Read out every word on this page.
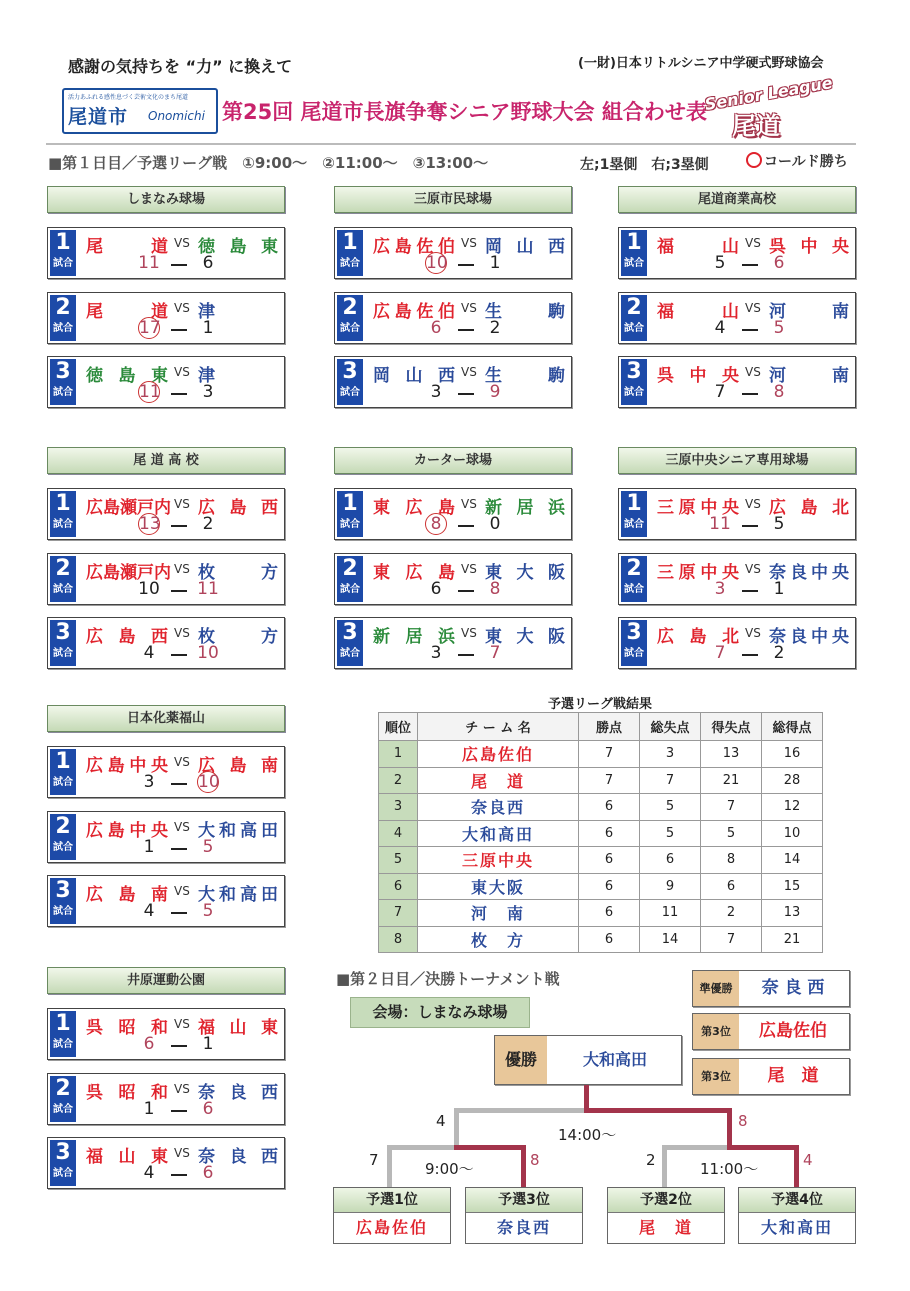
感謝の気持ちを “力” に換えて	(一財)日本リトルシニア中学硬式野球協会
活力あふれる感性息づく芸術文化のまち尾道
尾道市 Onomichi 第25回 尾道市長旗争奪シニア野球大会 組合わせ表
Senior League
尾道
■第１日目／予選リーグ戦　①9:00～　②11:00～　③13:00～	左;1塁側　右;3塁側	コールド勝ち
しまなみ球場
1
試合
尾　道 VS 徳島東
11	6
2
試合
尾　道 VS 津
17	1
3
試合
徳島東 VS 津
11	3
三原市民球場
1
試合
広島佐伯 VS 岡山西
10	1
2
試合
広島佐伯 VS 生　駒
6	2
3
試合
岡山西 VS 生　駒
3	9
尾道商業高校
1
試合
福　山 VS 呉中央
5	6
2
試合
福　山 VS 河　南
4	5
3
試合
呉中央 VS 河　南
7	8
尾 道 高 校
1
試合
広島瀬戸内 VS 広島西
13	2
2
試合
広島瀬戸内 VS 枚　方
10	11
3
試合
広島西 VS 枚　方
4	10
カーター球場
1
試合
東広島 VS 新居浜
8	0
2
試合
東広島 VS 東大阪
6	8
3
試合
新居浜 VS 東大阪
3	7
三原中央シニア専用球場
1
試合
三原中央 VS 広島北
11	5
2
試合
三原中央 VS 奈良中央
3	1
3
試合
広島北 VS 奈良中央
7	2
日本化薬福山
1
試合
広島中央 VS 広島南
3	10
2
試合
広島中央 VS 大和高田
1	5
3
試合
広島南 VS 大和高田
4	5
井原運動公園
1
試合
呉昭和 VS 福山東
6	1
2
試合
呉昭和 VS 奈良西
1	6
3
試合
福山東 VS 奈良西
4	6
予選リーグ戦結果
順位	チ ー ム 名	勝点	総失点	得失点	総得点
1	広島佐伯	7	3	13	16
2	尾　道	7	7	21	28
3	奈良西	6	5	7	12
4	大和高田	6	5	5	10
5	三原中央	6	6	8	14
6	東大阪	6	9	6	15
7	河　南	6	11	2	13
8	枚　方	6	14	7	21
■第２日目／決勝トーナメント戦
会場：しまなみ球場
準優勝	奈 良 西
第3位	広島佐伯
第3位	尾　道
優勝	大和高田
4	8
14:00～
7	8
9:00～	2	4
11:00～
予選1位
広島佐伯
予選3位
奈良西
予選2位
尾　道
予選4位
大和高田
